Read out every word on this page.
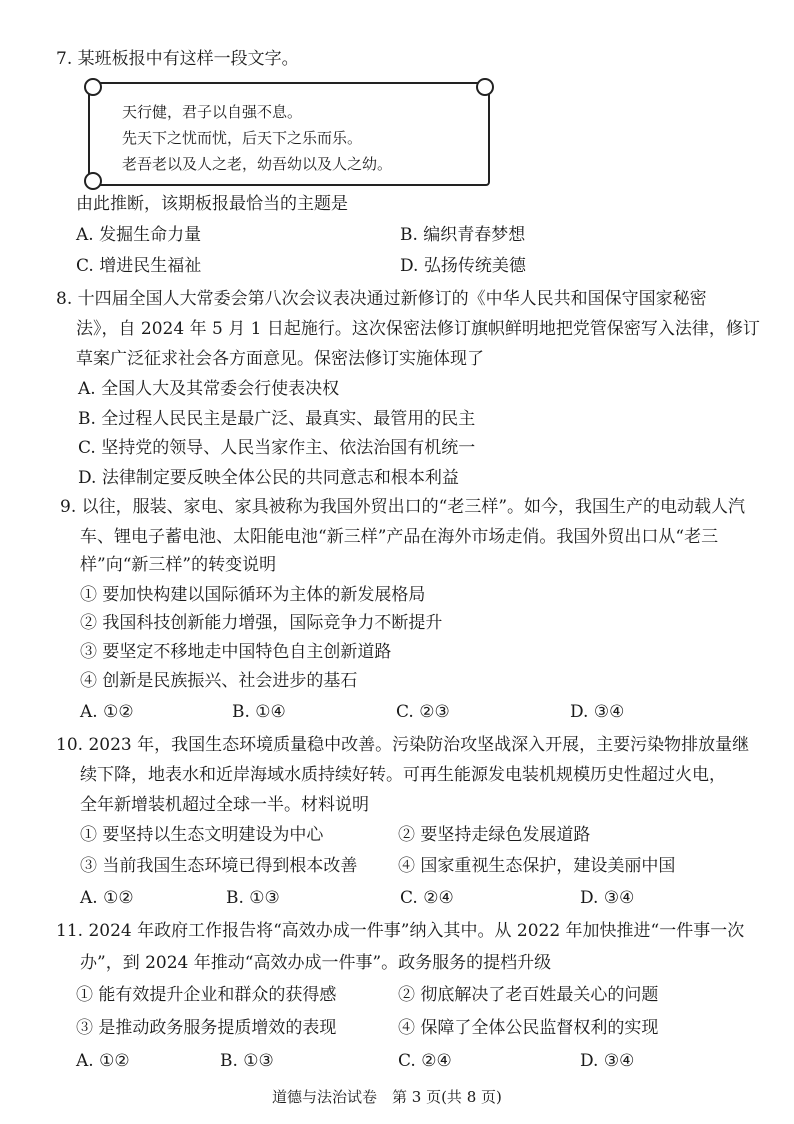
7. 某班板报中有这样一段文字。
天行健，君子以自强不息。
先天下之忧而忧，后天下之乐而乐。
老吾老以及人之老，幼吾幼以及人之幼。
由此推断，该期板报最恰当的主题是
A. 发掘生命力量	B. 编织青春梦想
C. 增进民生福祉	D. 弘扬传统美德
8. 十四届全国人大常委会第八次会议表决通过新修订的《中华人民共和国保守国家秘密
法》，自 2024 年 5 月 1 日起施行。这次保密法修订旗帜鲜明地把党管保密写入法律，修订
草案广泛征求社会各方面意见。保密法修订实施体现了
A. 全国人大及其常委会行使表决权
B. 全过程人民民主是最广泛、最真实、最管用的民主
C. 坚持党的领导、人民当家作主、依法治国有机统一
D. 法律制定要反映全体公民的共同意志和根本利益
9. 以往，服装、家电、家具被称为我国外贸出口的“老三样”。如今，我国生产的电动载人汽
车、锂电子蓄电池、太阳能电池“新三样”产品在海外市场走俏。我国外贸出口从“老三
样”向“新三样”的转变说明
① 要加快构建以国际循环为主体的新发展格局
② 我国科技创新能力增强，国际竞争力不断提升
③ 要坚定不移地走中国特色自主创新道路
④ 创新是民族振兴、社会进步的基石
A. ①②	B. ①④	C. ②③	D. ③④
10. 2023 年，我国生态环境质量稳中改善。污染防治攻坚战深入开展，主要污染物排放量继
续下降，地表水和近岸海域水质持续好转。可再生能源发电装机规模历史性超过火电，
全年新增装机超过全球一半。材料说明
① 要坚持以生态文明建设为中心	② 要坚持走绿色发展道路
③ 当前我国生态环境已得到根本改善 ④ 国家重视生态保护，建设美丽中国
A. ①②	B. ①③	C. ②④	D. ③④
11. 2024 年政府工作报告将“高效办成一件事”纳入其中。从 2022 年加快推进“一件事一次
办”，到 2024 年推动“高效办成一件事”。政务服务的提档升级
① 能有效提升企业和群众的获得感	② 彻底解决了老百姓最关心的问题
③ 是推动政务服务提质增效的表现	④ 保障了全体公民监督权利的实现
A. ①②	B. ①③	C. ②④	D. ③④
道德与法治试卷　第 3 页(共 8 页)
